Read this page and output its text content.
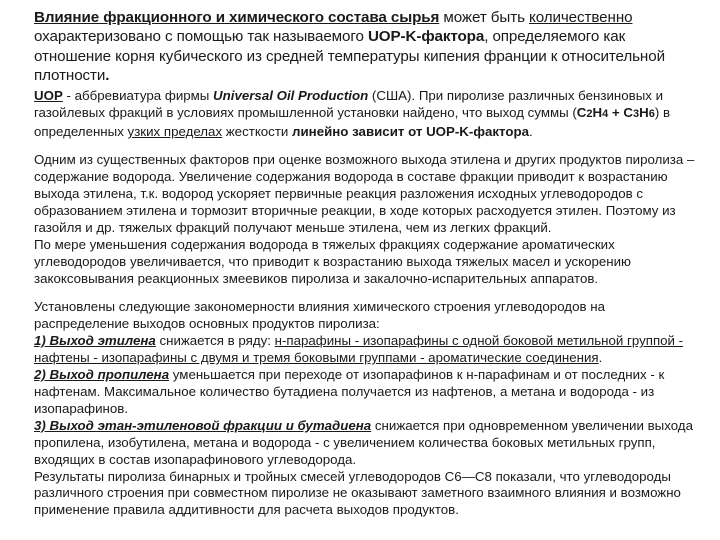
Влияние фракционного и химического состава сырья может быть количественно охарактеризовано с помощью так называемого UOP-K-фактора, определяемого как отношение корня кубического из средней температуры кипения франции к относительной плотности.

UOP - аббревиатура фирмы Universal Oil Production (США). При пиролизе различных бензиновых и газойлевых фракций в условиях промышленной установки найдено, что выход суммы (C2H4 + C3H6) в определенных узких пределах жесткости линейно зависит от UOP-K-фактора.

Одним из существенных факторов при оценке возможного выхода этилена и других продуктов пиролиза – содержание водорода. Увеличение содержания водорода в составе фракции приводит к возрастанию выхода этилена, т.к. водород ускоряет первичные реакция разложения исходных углеводородов с образованием этилена и тормозит вторичные реакции, в ходе которых расходуется этилен. Поэтому из газойля и др. тяжелых фракций получают меньше этилена, чем из легких фракций.

По мере уменьшения содержания водорода в тяжелых фракциях содержание ароматических углеводородов увеличивается, что приводит к возрастанию выхода тяжелых масел и ускорению закоксовывания реакционных змеевиков пиролиза и закалочно-испарительных аппаратов.

Установлены следующие закономерности влияния химического строения углеводородов на распределение выходов основных продуктов пиролиза:

1) Выход этилена снижается в ряду: н-парафины - изопарафины с одной боковой метильной группой - нафтены - изопарафины с двумя и тремя боковыми группами - ароматические соединения.

2) Выход пропилена уменьшается при переходе от изопарафинов к н-парафинам и от последних - к нафтенам. Максимальное количество бутадиена получается из нафтенов, а метана и водорода - из изопарафинов.

3) Выход этан-этиленовой фракции и бутадиена снижается при одновременном увеличении выхода пропилена, изобутилена, метана и водорода - с увеличением количества боковых метильных групп, входящих в состав изопарафинового углеводорода.

Результаты пиролиза бинарных и тройных смесей углеводородов С6—С8 показали, что углеводороды различного строения при совместном пиролизе не оказывают заметного взаимного влияния и возможно применение правила аддитивности для расчета выходов продуктов.
